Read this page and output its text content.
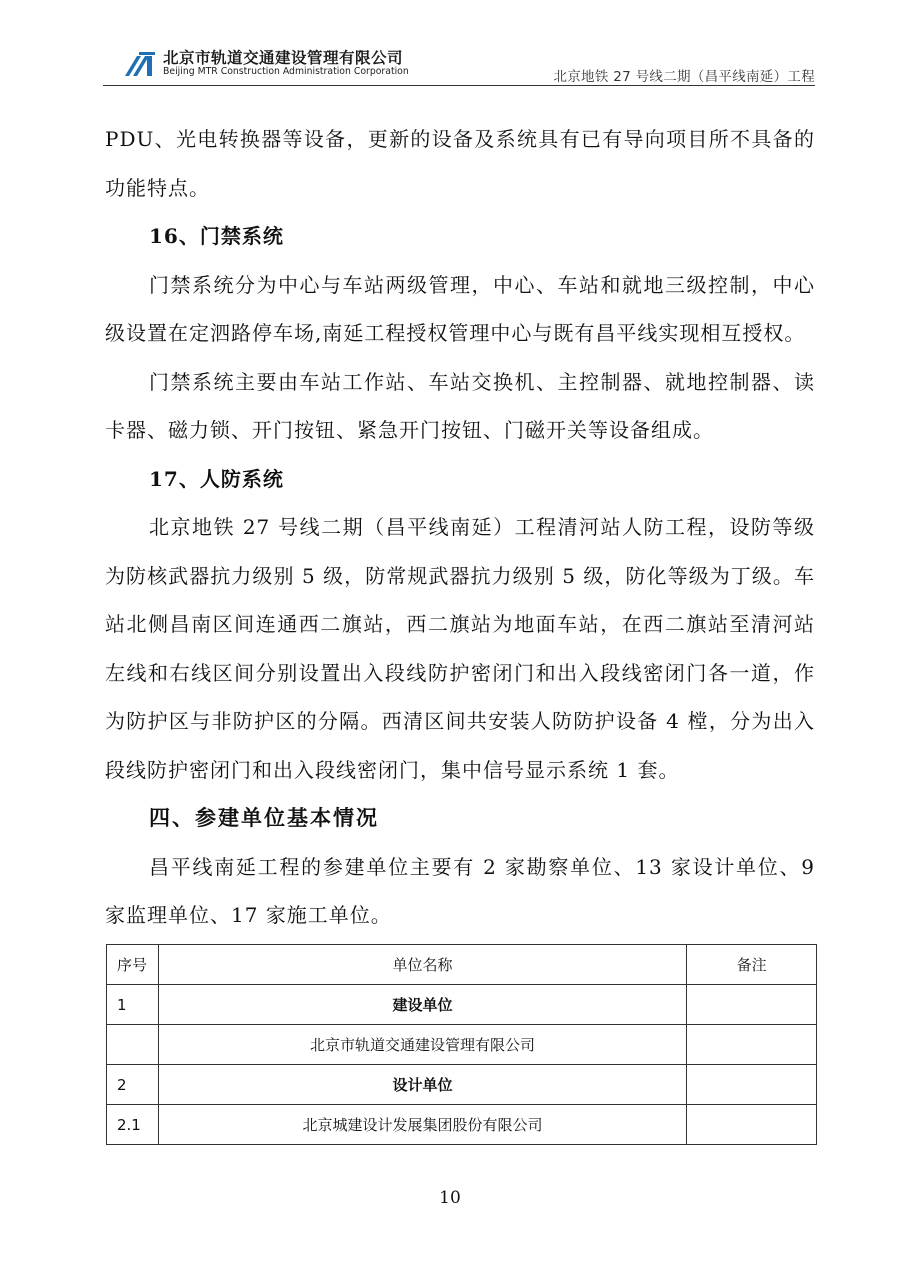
北京市轨道交通建设管理有限公司
Beijing MTR Construction Administration Corporation	北京地铁 27 号线二期（昌平线南延）工程

PDU、光电转换器等设备，更新的设备及系统具有已有导向项目所不具备的功能特点。

16、门禁系统

门禁系统分为中心与车站两级管理，中心、车站和就地三级控制，中心级设置在定泗路停车场,南延工程授权管理中心与既有昌平线实现相互授权。

门禁系统主要由车站工作站、车站交换机、主控制器、就地控制器、读卡器、磁力锁、开门按钮、紧急开门按钮、门磁开关等设备组成。

17、人防系统

北京地铁 27 号线二期（昌平线南延）工程清河站人防工程，设防等级为防核武器抗力级别 5 级，防常规武器抗力级别 5 级，防化等级为丁级。车站北侧昌南区间连通西二旗站，西二旗站为地面车站，在西二旗站至清河站左线和右线区间分别设置出入段线防护密闭门和出入段线密闭门各一道，作为防护区与非防护区的分隔。西清区间共安装人防防护设备 4 樘，分为出入段线防护密闭门和出入段线密闭门，集中信号显示系统 1 套。

四、参建单位基本情况

昌平线南延工程的参建单位主要有 2 家勘察单位、13 家设计单位、9 家监理单位、17 家施工单位。

序号	单位名称	备注
1	建设单位	
	北京市轨道交通建设管理有限公司	
2	设计单位	
2.1	北京城建设计发展集团股份有限公司	
10
